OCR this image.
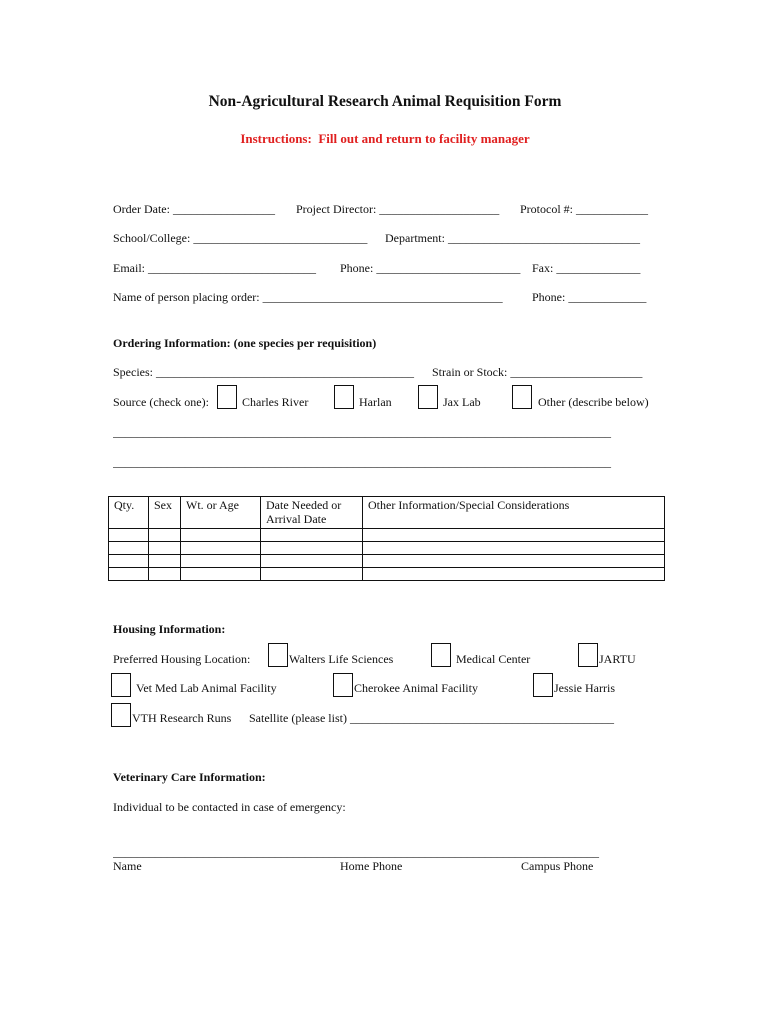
Non-Agricultural Research Animal Requisition Form
Instructions:  Fill out and return to facility manager
Order Date: _________________ Project Director: ____________________ Protocol #: ____________
School/College: _____________________________ Department: ________________________________
Email: ____________________________ Phone: ________________________ Fax: ______________
Name of person placing order: ________________________________________ Phone: _____________
Ordering Information: (one species per requisition)
Species: ___________________________________________ Strain or Stock: ______________________
Source (check one):	Charles River	Harlan	Jax Lab	Other (describe below)
___________________________________________________________________________________
___________________________________________________________________________________
Qty.	Sex	Wt. or Age	Date Needed or Arrival Date	Other Information/Special Considerations

Housing Information:
Preferred Housing Location:	Walters Life Sciences	Medical Center	JARTU
Vet Med Lab Animal Facility	Cherokee Animal Facility	Jessie Harris
VTH Research Runs Satellite (please list) ____________________________________________
Veterinary Care Information:
Individual to be contacted in case of emergency:
_________________________________________________________________________________
Name	Home Phone	Campus Phone
